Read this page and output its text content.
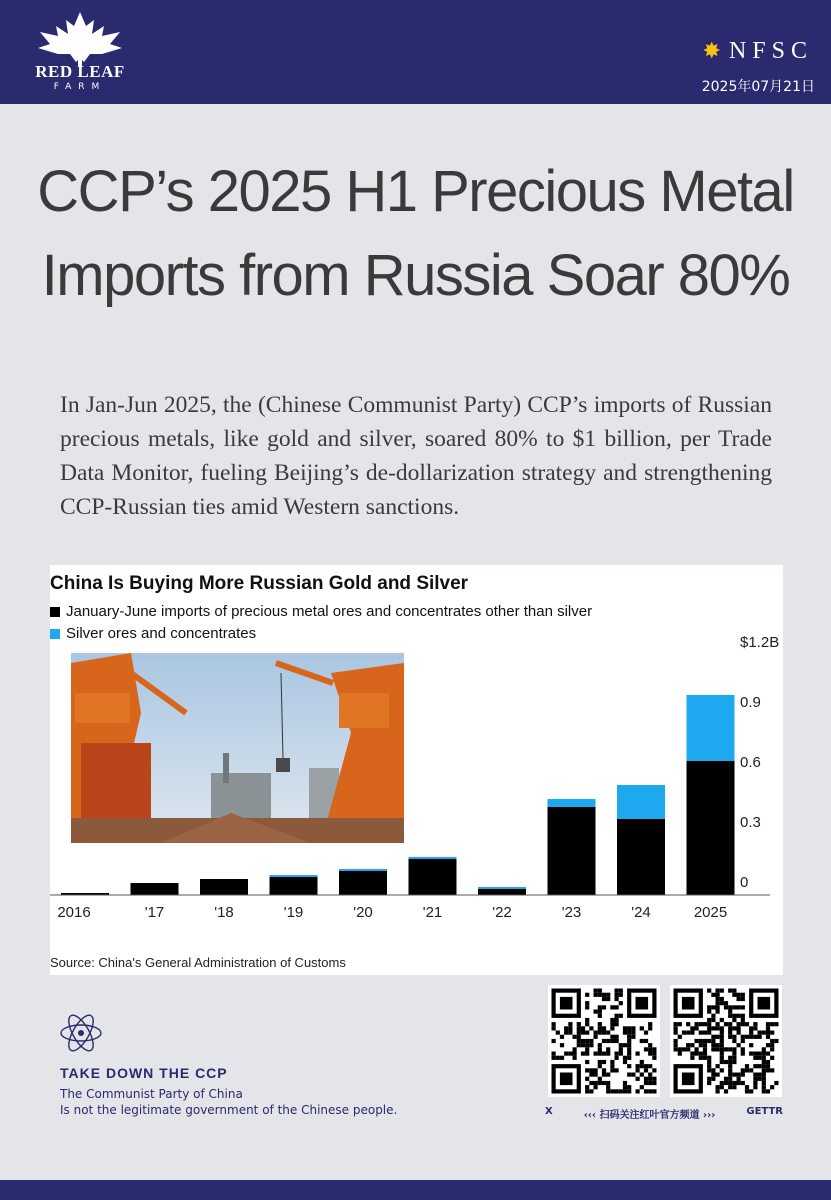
RED LEAF
FARM
✸ NFSC
2025年07月21日
CCP’s 2025 H1 Precious Metal Imports from Russia Soar 80%
In Jan-Jun 2025, the (Chinese Communist Party) CCP’s imports of Russian precious metals, like gold and silver, soared 80% to $1 billion, per Trade Data Monitor, fueling Beijing’s de-dollarization strategy and strengthening CCP-Russian ties amid Western sanctions.
China Is Buying More Russian Gold and Silver
January-June imports of precious metal ores and concentrates other than silver
Silver ores and concentrates
2016	'17	'18	'19	'20	'21	'22	'23	'24	2025
0
0.3
0.6
0.9
$1.2B
Source: China's General Administration of Customs
TAKE DOWN THE CCP
The Communist Party of China
Is not the legitimate government of the Chinese people.	X	‹‹‹ 扫码关注红叶官方频道 ›››	GETTR
